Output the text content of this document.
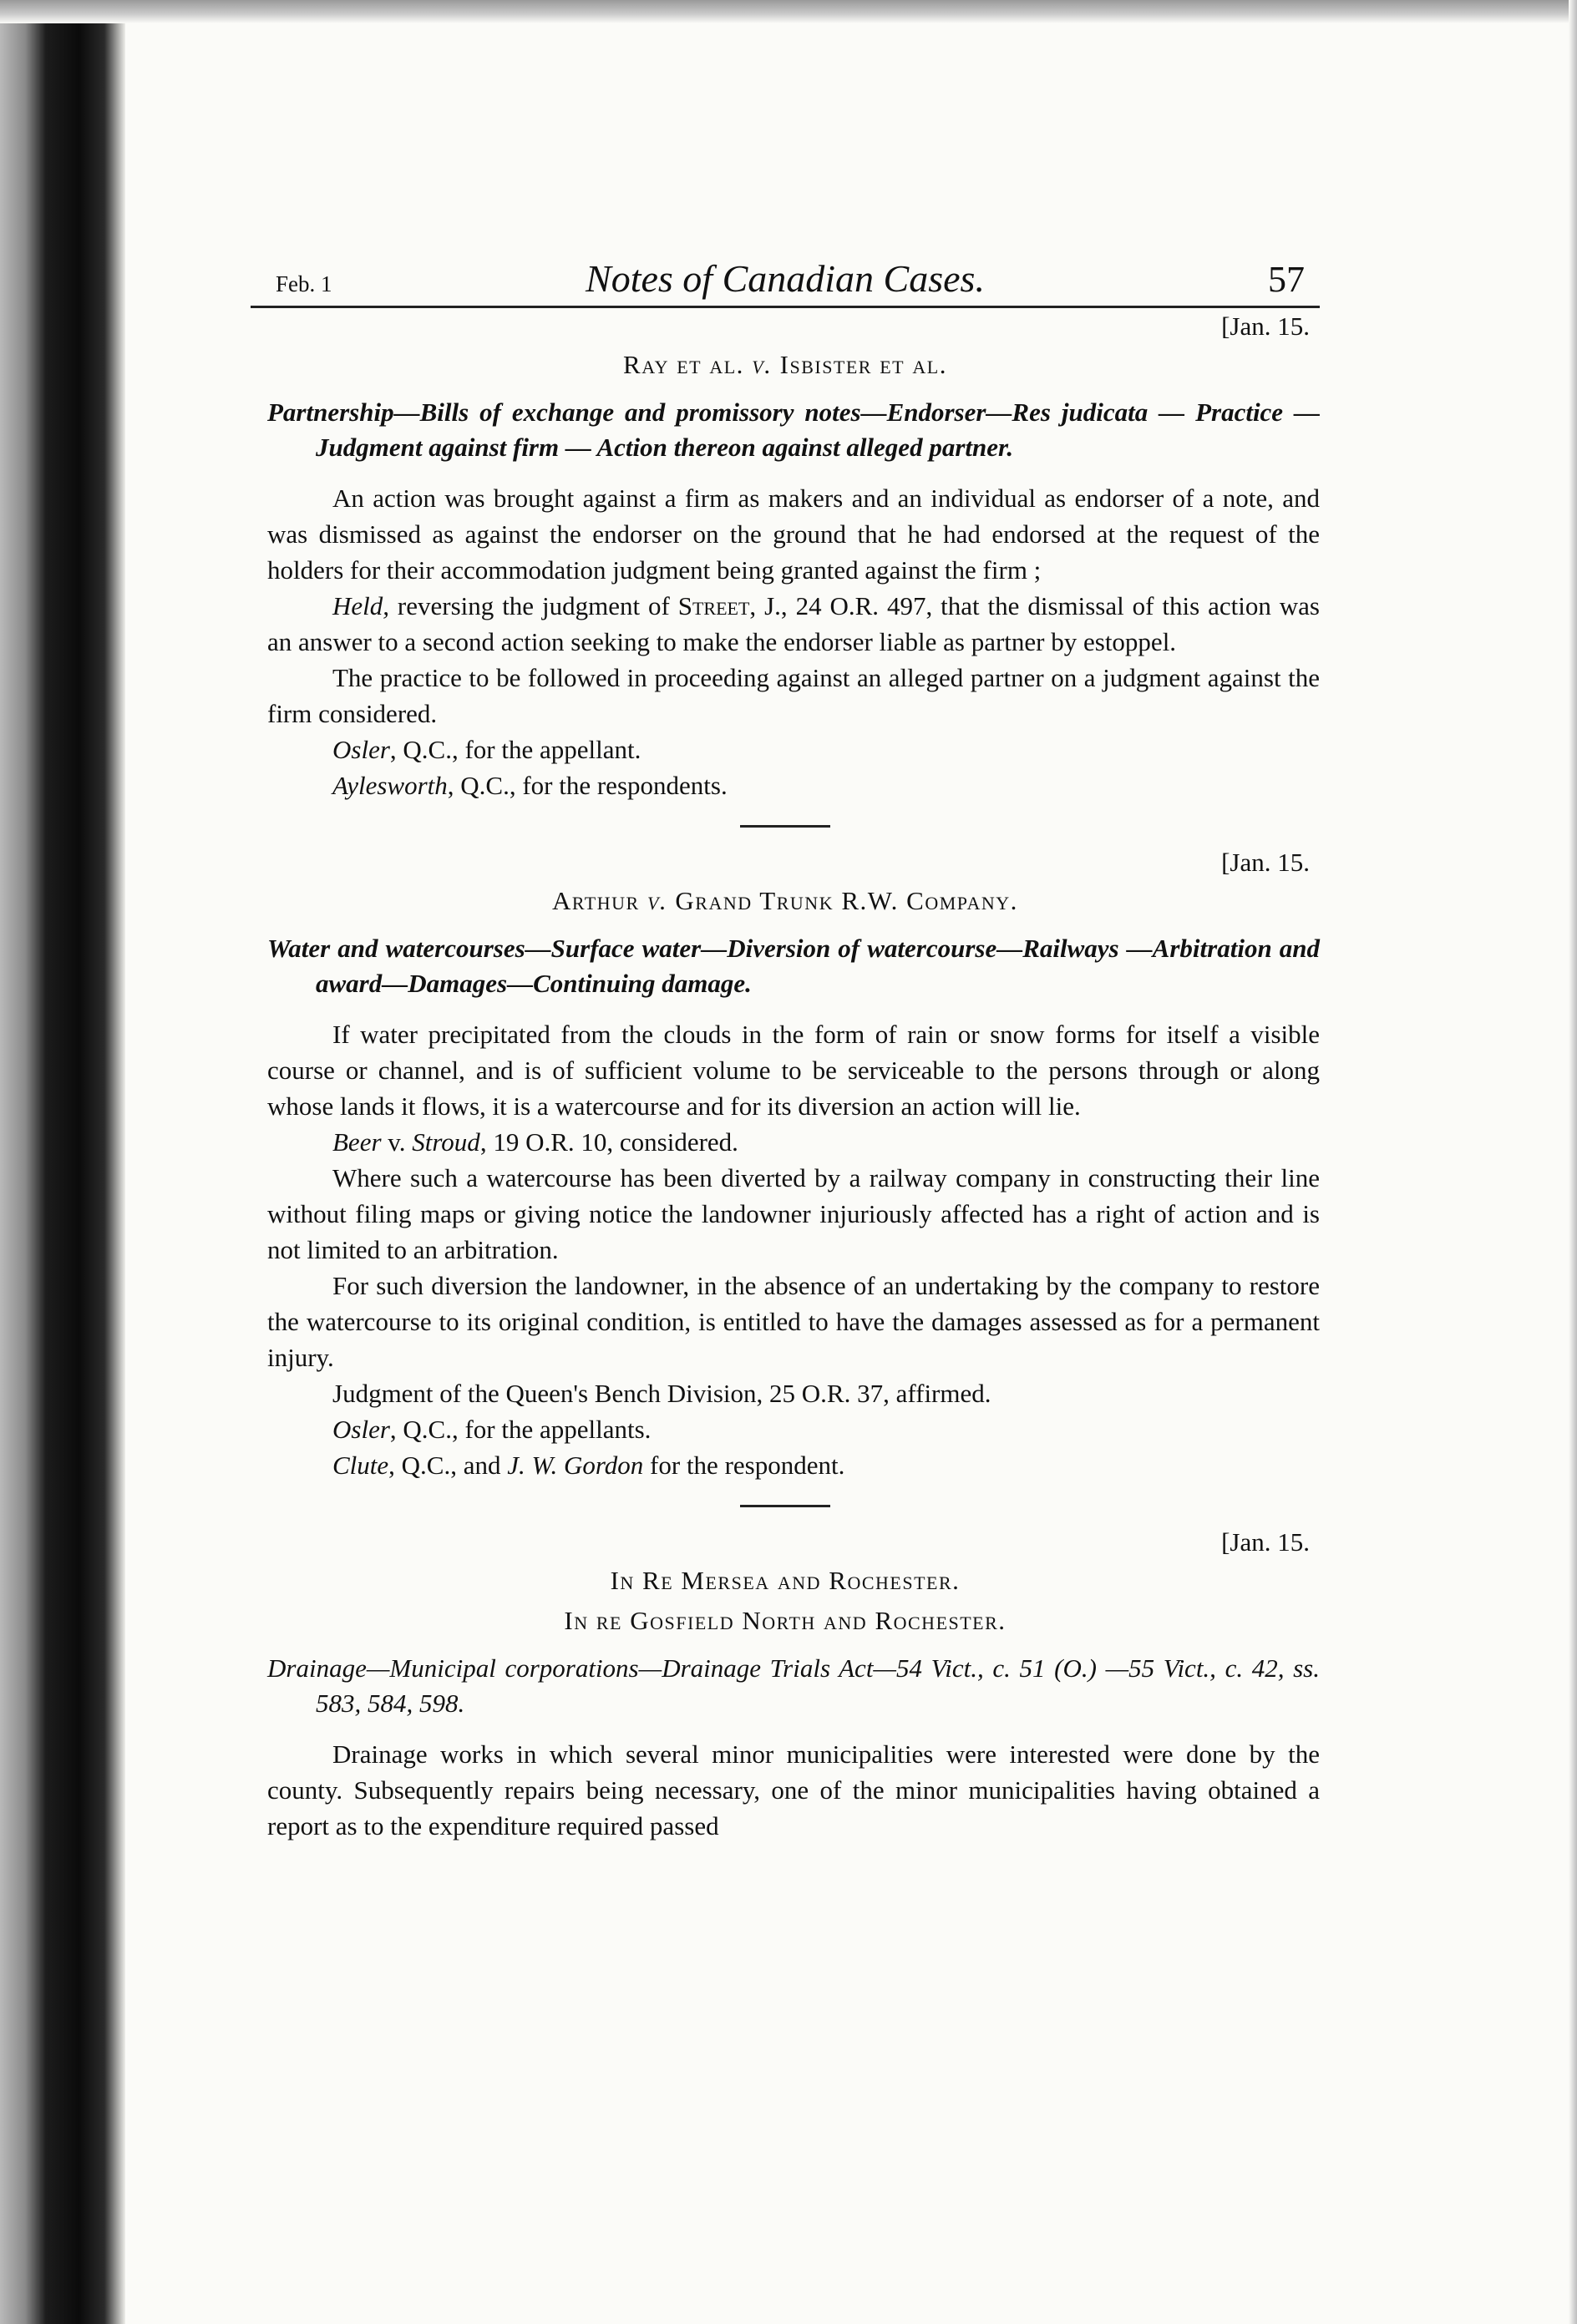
Feb. 1	Notes of Canadian Cases.	57
[Jan. 15.
Ray et al. v. Isbister et al.

Partnership—Bills of exchange and promissory notes—Endorser—Res judicata — Practice — Judgment against firm — Action thereon against alleged partner.

An action was brought against a firm as makers and an individual as endorser of a note, and was dismissed as against the endorser on the ground that he had endorsed at the request of the holders for their accommodation judgment being granted against the firm ;

Held, reversing the judgment of Street, J., 24 O.R. 497, that the dismissal of this action was an answer to a second action seeking to make the endorser liable as partner by estoppel.

The practice to be followed in proceeding against an alleged partner on a judgment against the firm considered.

Osler, Q.C., for the appellant.

Aylesworth, Q.C., for the respondents.

[Jan. 15.
Arthur v. Grand Trunk R.W. Company.

Water and watercourses—Surface water—Diversion of watercourse—Railways —Arbitration and award—Damages—Continuing damage.

If water precipitated from the clouds in the form of rain or snow forms for itself a visible course or channel, and is of sufficient volume to be serviceable to the persons through or along whose lands it flows, it is a watercourse and for its diversion an action will lie.

Beer v. Stroud, 19 O.R. 10, considered.

Where such a watercourse has been diverted by a railway company in constructing their line without filing maps or giving notice the landowner injuriously affected has a right of action and is not limited to an arbitration.

For such diversion the landowner, in the absence of an undertaking by the company to restore the watercourse to its original condition, is entitled to have the damages assessed as for a permanent injury.

Judgment of the Queen's Bench Division, 25 O.R. 37, affirmed.

Osler, Q.C., for the appellants.

Clute, Q.C., and J. W. Gordon for the respondent.

[Jan. 15.
In Re Mersea and Rochester.
In re Gosfield North and Rochester.

Drainage—Municipal corporations—Drainage Trials Act—54 Vict., c. 51 (O.) —55 Vict., c. 42, ss. 583, 584, 598.

Drainage works in which several minor municipalities were interested were done by the county. Subsequently repairs being necessary, one of the minor municipalities having obtained a report as to the expenditure required passed
